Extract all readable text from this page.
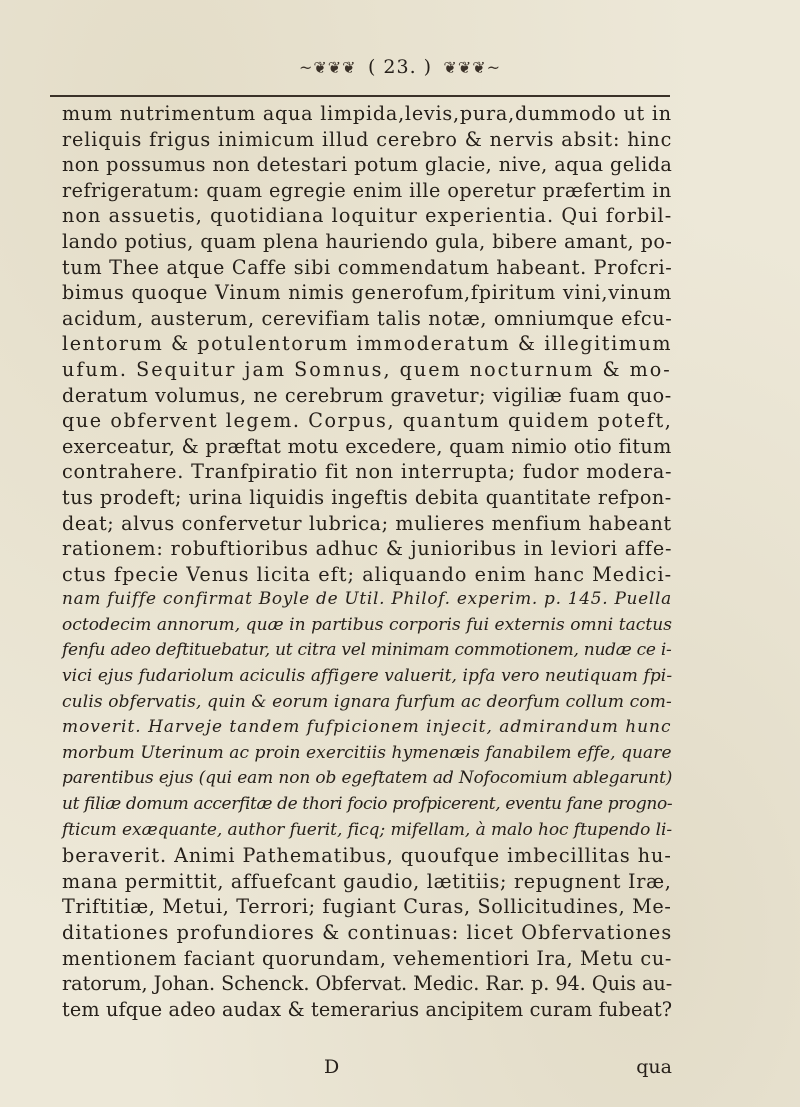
~❦❦❦ ( 23. ) ❦❦❦~
mum nutrimentum aqua limpida,levis,pura,dummodo ut in
reliquis frigus inimicum illud cerebro & nervis absit: hinc
non possumus non detestari potum glacie, nive, aqua gelida
refrigeratum: quam egregie enim ille operetur præfertim in
non assuetis, quotidiana loquitur experientia. Qui forbil-
lando potius, quam plena hauriendo gula, bibere amant, po-
tum Thee atque Caffe sibi commendatum habeant. Profcri-
bimus quoque Vinum nimis generofum,fpiritum vini,vinum
acidum, austerum, cerevifiam talis notæ, omniumque efcu-
lentorum & potulentorum immoderatum & illegitimum
ufum. Sequitur jam Somnus, quem nocturnum & mo-
deratum volumus, ne cerebrum gravetur; vigiliæ fuam quo-
que obfervent legem. Corpus, quantum quidem poteft,
exerceatur, & præftat motu excedere, quam nimio otio fitum
contrahere. Tranfpiratio fit non interrupta; fudor modera-
tus prodeft; urina liquidis ingeftis debita quantitate refpon-
deat; alvus confervetur lubrica; mulieres menfium habeant
rationem: robuftioribus adhuc & junioribus in leviori affe-
ctus fpecie Venus licita eft; aliquando enim hanc Medici-
nam fuiffe confirmat Boyle de Util. Philof. experim. p. 145. Puella
octodecim annorum, quæ in partibus corporis fui externis omni tactus
fenfu adeo deftituebatur, ut citra vel minimam commotionem, nudæ ce i-
vici ejus fudariolum aciculis affigere valuerit, ipfa vero neutiquam fpi-
culis obfervatis, quin & eorum ignara furfum ac deorfum collum com-
moverit. Harveje tandem fufpicionem injecit, admirandum hunc
morbum Uterinum ac proin exercitiis hymenæis fanabilem effe, quare
parentibus ejus (qui eam non ob egeftatem ad Nofocomium ablegarunt)
ut filiæ domum accerfitæ de thori focio profpicerent, eventu fane progno-
fticum exæquante, author fuerit, ficq; mifellam, à malo hoc ftupendo li-
beraverit. Animi Pathematibus, quoufque imbecillitas hu-
mana permittit, affuefcant gaudio, lætitiis; repugnent Iræ,
Triftitiæ, Metui, Terrori; fugiant Curas, Sollicitudines, Me-
ditationes profundiores & continuas: licet Obfervationes
mentionem faciant quorundam, vehementiori Ira, Metu cu-
ratorum, Johan. Schenck. Obfervat. Medic. Rar. p. 94. Quis au-
tem ufque adeo audax & temerarius ancipitem curam fubeat?
D	qua
